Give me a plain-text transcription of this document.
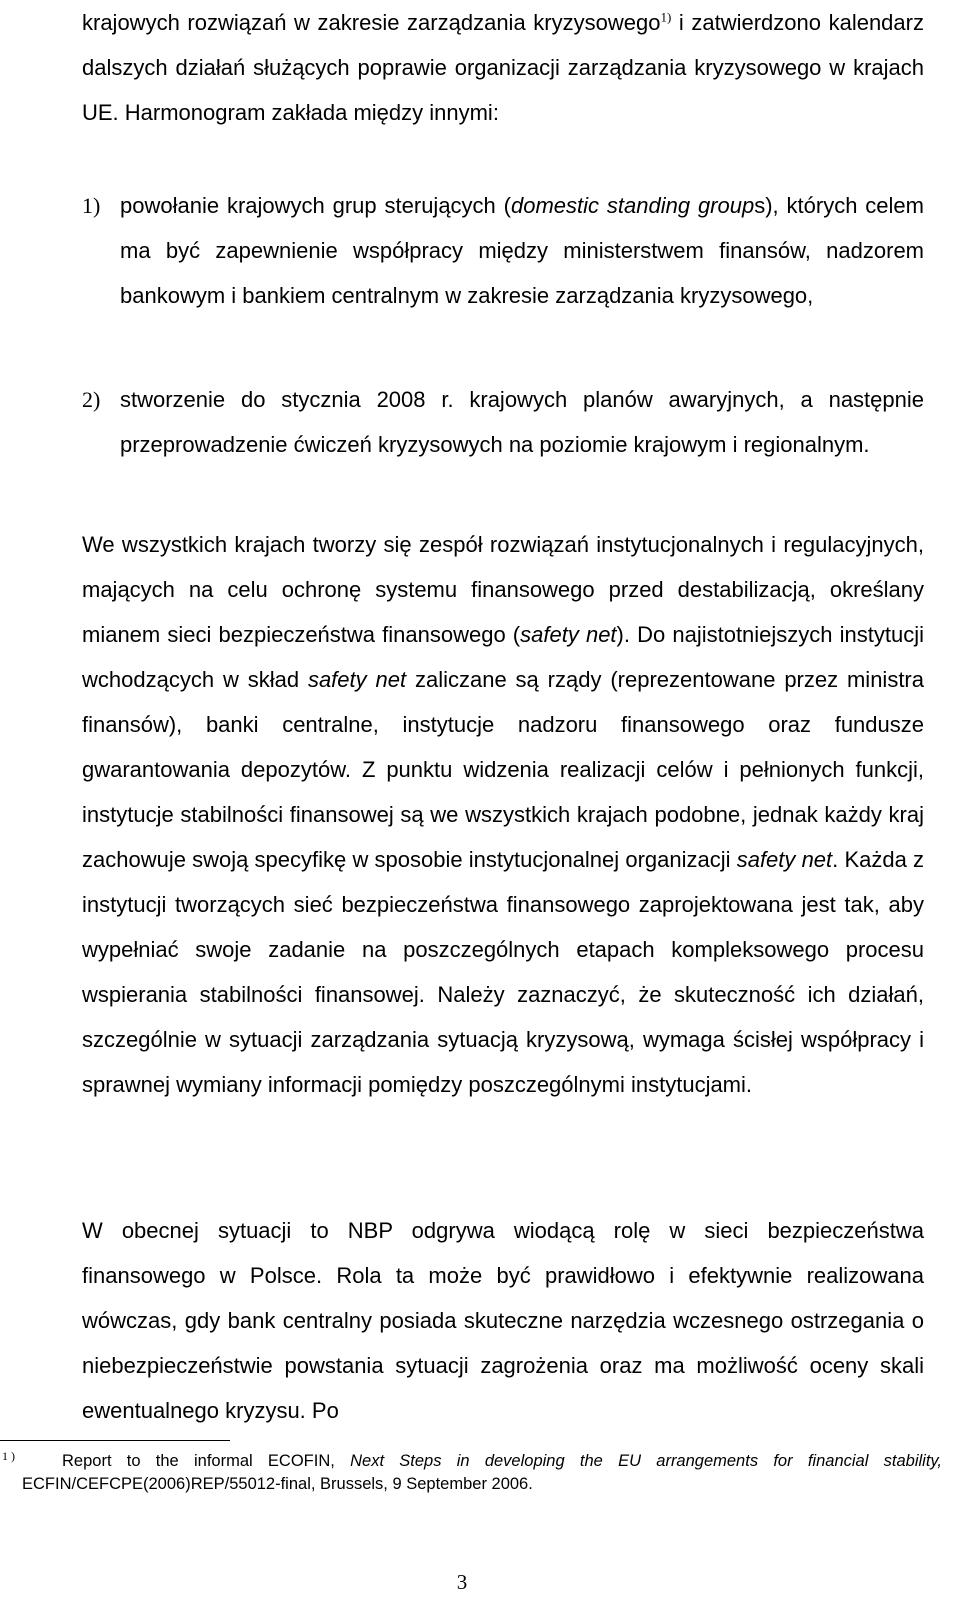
krajowych rozwiązań w zakresie zarządzania kryzysowego$^{1)}$ i zatwierdzono kalendarz dalszych działań służących poprawie organizacji zarządzania kryzysowego w krajach UE. Harmonogram zakłada między innymi:

1) powołanie krajowych grup sterujących (domestic standing groups), których celem ma być zapewnienie współpracy między ministerstwem finansów, nadzorem bankowym i bankiem centralnym w zakresie zarządzania kryzysowego,

2) stworzenie do stycznia 2008 r. krajowych planów awaryjnych, a następnie przeprowadzenie ćwiczeń kryzysowych na poziomie krajowym i regionalnym.

We wszystkich krajach tworzy się zespół rozwiązań instytucjonalnych i regulacyjnych, mających na celu ochronę systemu finansowego przed destabilizacją, określany mianem sieci bezpieczeństwa finansowego (safety net). Do najistotniejszych instytucji wchodzących w skład safety net zaliczane są rządy (reprezentowane przez ministra finansów), banki centralne, instytucje nadzoru finansowego oraz fundusze gwarantowania depozytów. Z punktu widzenia realizacji celów i pełnionych funkcji, instytucje stabilności finansowej są we wszystkich krajach podobne, jednak każdy kraj zachowuje swoją specyfikę w sposobie instytucjonalnej organizacji safety net. Każda z instytucji tworzących sieć bezpieczeństwa finansowego zaprojektowana jest tak, aby wypełniać swoje zadanie na poszczególnych etapach kompleksowego procesu wspierania stabilności finansowej. Należy zaznaczyć, że skuteczność ich działań, szczególnie w sytuacji zarządzania sytuacją kryzysową, wymaga ścisłej współpracy i sprawnej wymiany informacji pomiędzy poszczególnymi instytucjami.

W obecnej sytuacji to NBP odgrywa wiodącą rolę w sieci bezpieczeństwa finansowego w Polsce. Rola ta może być prawidłowo i efektywnie realizowana wówczas, gdy bank centralny posiada skuteczne narzędzia wczesnego ostrzegania o niebezpieczeństwie powstania sytuacji zagrożenia oraz ma możliwość oceny skali ewentualnego kryzysu. Po

1 )	Report to the informal ECOFIN, Next Steps in developing the EU arrangements for financial stability, ECFIN/CEFCPE(2006)REP/55012-final, Brussels, 9 September 2006.
3
